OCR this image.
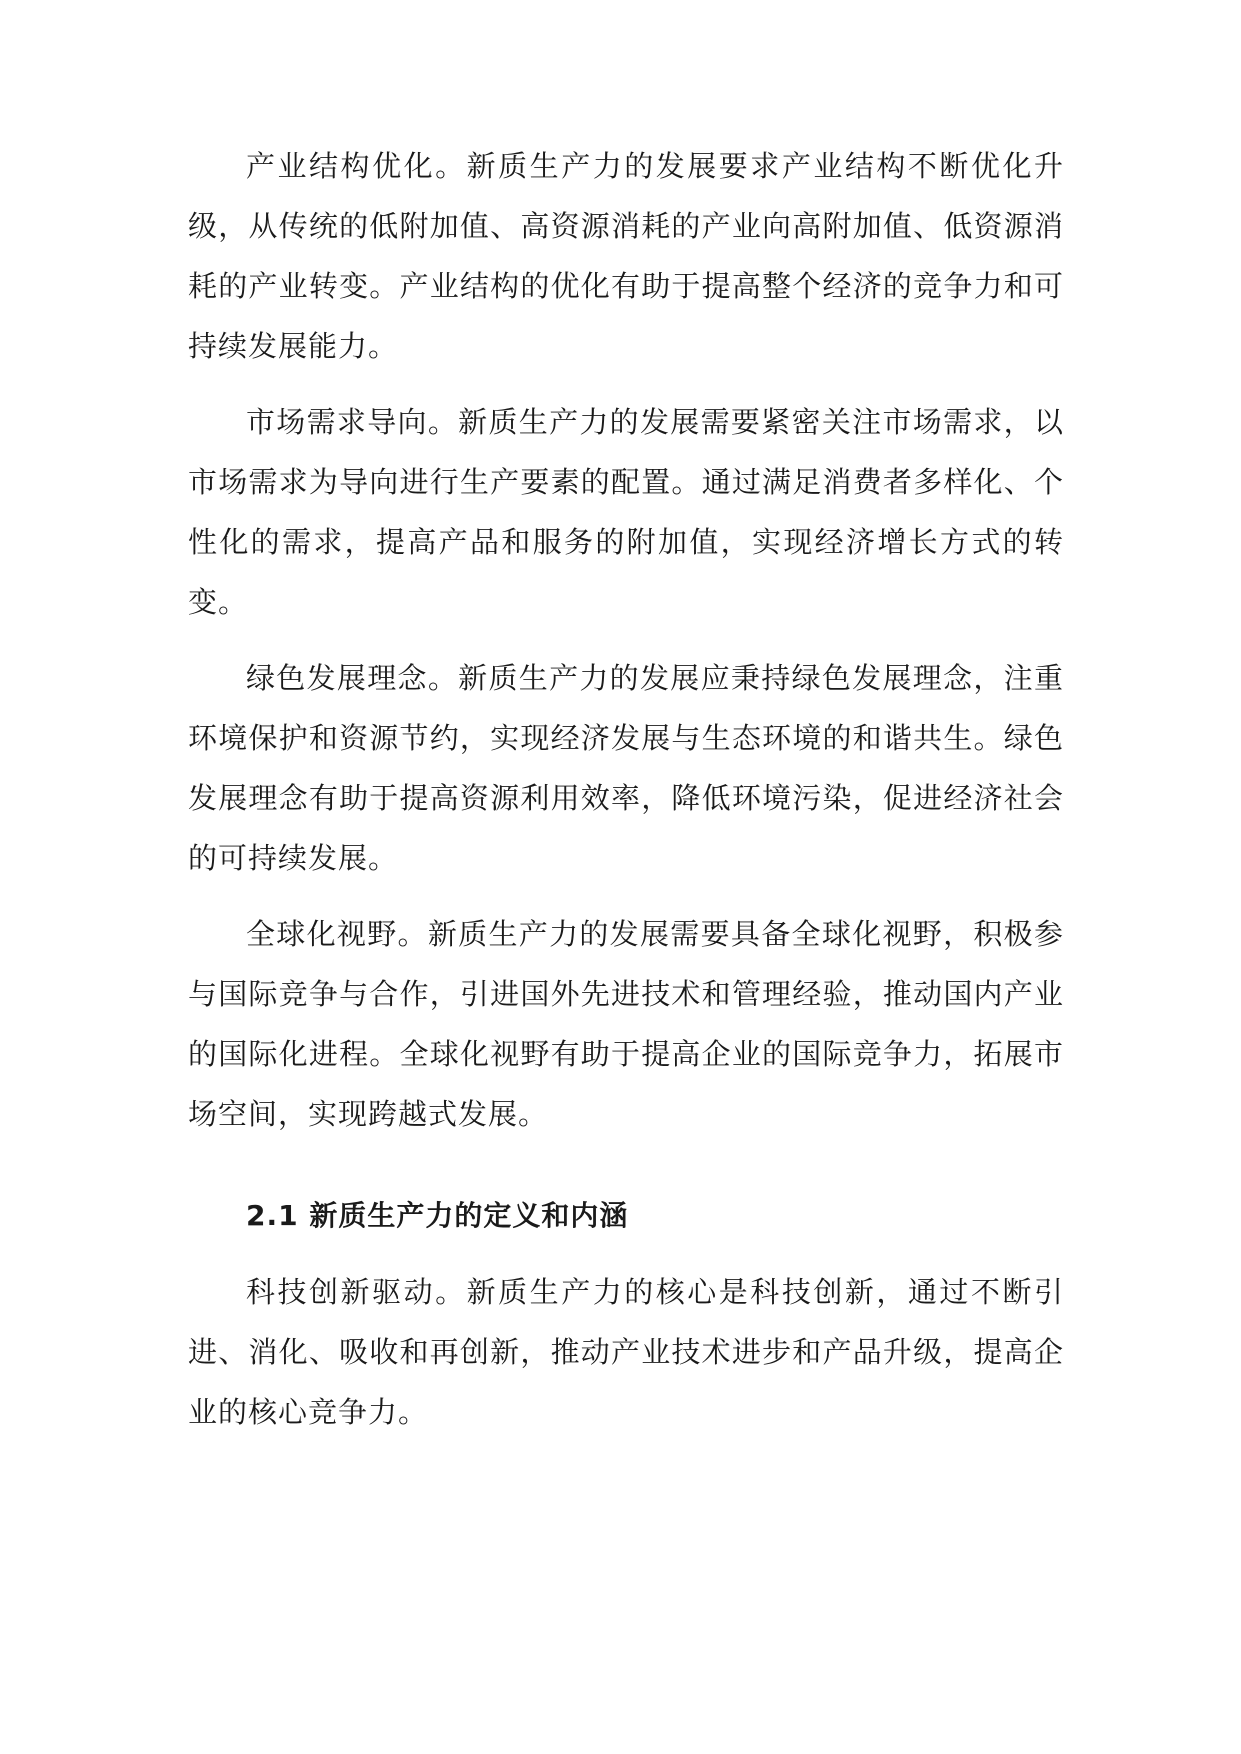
产业结构优化。新质生产力的发展要求产业结构不断优化升级，从传统的低附加值、高资源消耗的产业向高附加值、低资源消耗的产业转变。产业结构的优化有助于提高整个经济的竞争力和可持续发展能力。

市场需求导向。新质生产力的发展需要紧密关注市场需求，以市场需求为导向进行生产要素的配置。通过满足消费者多样化、个性化的需求，提高产品和服务的附加值，实现经济增长方式的转变。

绿色发展理念。新质生产力的发展应秉持绿色发展理念，注重环境保护和资源节约，实现经济发展与生态环境的和谐共生。绿色发展理念有助于提高资源利用效率，降低环境污染，促进经济社会的可持续发展。

全球化视野。新质生产力的发展需要具备全球化视野，积极参与国际竞争与合作，引进国外先进技术和管理经验，推动国内产业的国际化进程。全球化视野有助于提高企业的国际竞争力，拓展市场空间，实现跨越式发展。

2.1 新质生产力的定义和内涵

科技创新驱动。新质生产力的核心是科技创新，通过不断引进、消化、吸收和再创新，推动产业技术进步和产品升级，提高企业的核心竞争力。
